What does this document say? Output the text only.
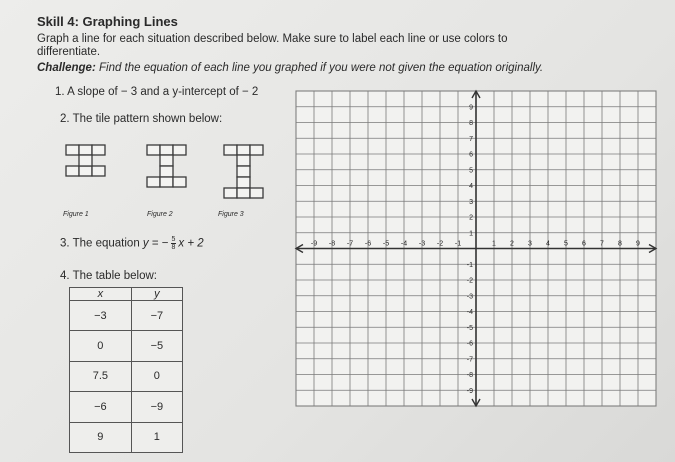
Skill 4: Graphing Lines
Graph a line for each situation described below. Make sure to label each line or use colors to
differentiate.
Challenge: Find the equation of each line you graphed if you were not given the equation originally.
1. A slope of − 3 and a y-intercept of − 2
2. The tile pattern shown below:
Figure 1	Figure 2	Figure 3
3. The equation y = − $\frac{5}{8}$ x + 2
4. The table below:
x	y
−3	−7
0	−5
7.5	0
−6	−9
9	1
-9 -8 -7 -6 -5 -4 -3 -2 -1	1 2 3 4 5 6 7 8 9
9
8
7
6
5
4
3
2
1
-1
-2
-3
-4
-5
-6
-7
-8
-9
